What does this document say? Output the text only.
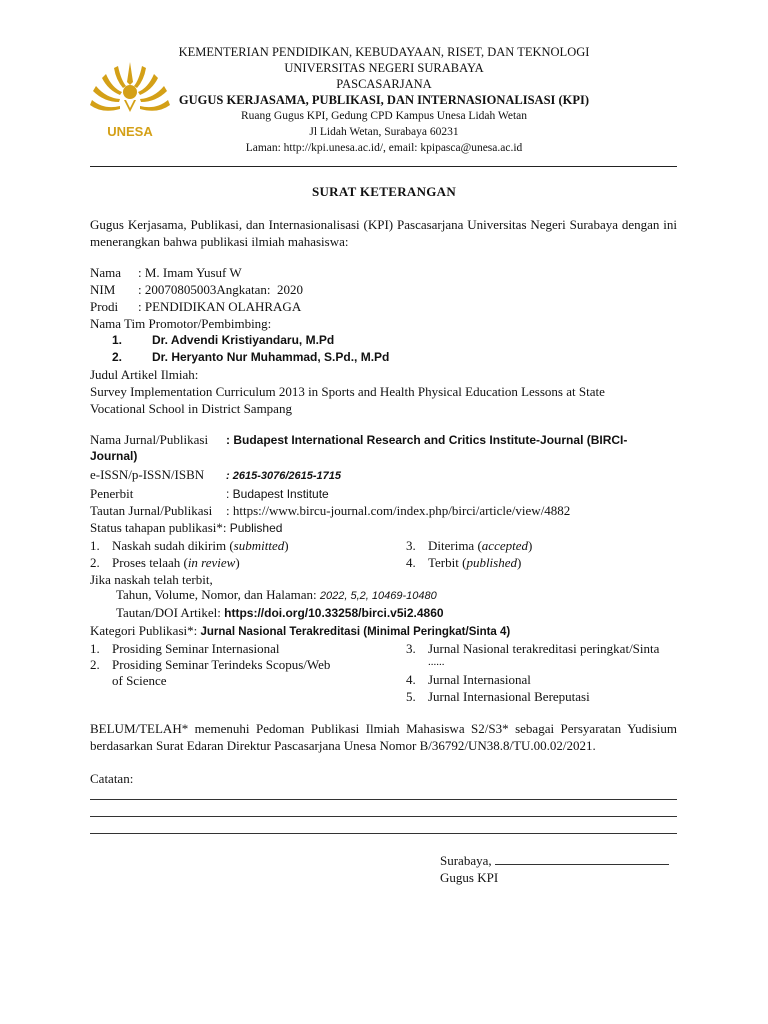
UNESA
KEMENTERIAN PENDIDIKAN, KEBUDAYAAN, RISET, DAN TEKNOLOGI
UNIVERSITAS NEGERI SURABAYA
PASCASARJANA
GUGUS KERJASAMA, PUBLIKASI, DAN INTERNASIONALISASI (KPI)
Ruang Gugus KPI, Gedung CPD Kampus Unesa Lidah Wetan
Jl Lidah Wetan, Surabaya 60231
Laman: http://kpi.unesa.ac.id/, email: kpipasca@unesa.ac.id
SURAT KETERANGAN
Gugus Kerjasama, Publikasi, dan Internasionalisasi (KPI) Pascasarjana Universitas Negeri Surabaya dengan ini menerangkan bahwa publikasi ilmiah mahasiswa:
Nama : M. Imam Yusuf W
NIM : 20070805003Angkatan: 2020
Prodi : PENDIDIKAN OLAHRAGA
Nama Tim Promotor/Pembimbing:
1. Dr. Advendi Kristiyandaru, M.Pd
2. Dr. Heryanto Nur Muhammad, S.Pd., M.Pd
Judul Artikel Ilmiah:
Survey Implementation Curriculum 2013 in Sports and Health Physical Education Lessons at State
Vocational School in District Sampang
Nama Jurnal/Publikasi : Budapest International Research and Critics Institute-Journal (BIRCI-
Journal)
e-ISSN/p-ISSN/ISBN : 2615-3076/2615-1715
Penerbit	: Budapest Institute
Tautan Jurnal/Publikasi : https://www.bircu-journal.com/index.php/birci/article/view/4882
Status tahapan publikasi*: Published
1. Naskah sudah dikirim (submitted)
2. Proses telaah (in review)
3. Diterima (accepted)
4. Terbit (published)
Jika naskah telah terbit,
Tahun, Volume, Nomor, dan Halaman: 2022, 5,2, 10469-10480
Tautan/DOI Artikel: https://doi.org/10.33258/birci.v5i2.4860
Kategori Publikasi*: Jurnal Nasional Terakreditasi (Minimal Peringkat/Sinta 4)
1. Prosiding Seminar Internasional
2. Prosiding Seminar Terindeks Scopus/Web
of Science
3. Jurnal Nasional terakreditasi peringkat/Sinta
......
4. Jurnal Internasional
5. Jurnal Internasional Bereputasi
BELUM/TELAH* memenuhi Pedoman Publikasi Ilmiah Mahasiswa S2/S3* sebagai Persyaratan Yudisium berdasarkan Surat Edaran Direktur Pascasarjana Unesa Nomor B/36792/UN38.8/TU.00.02/2021.
Catatan:
Surabaya,
Gugus KPI
